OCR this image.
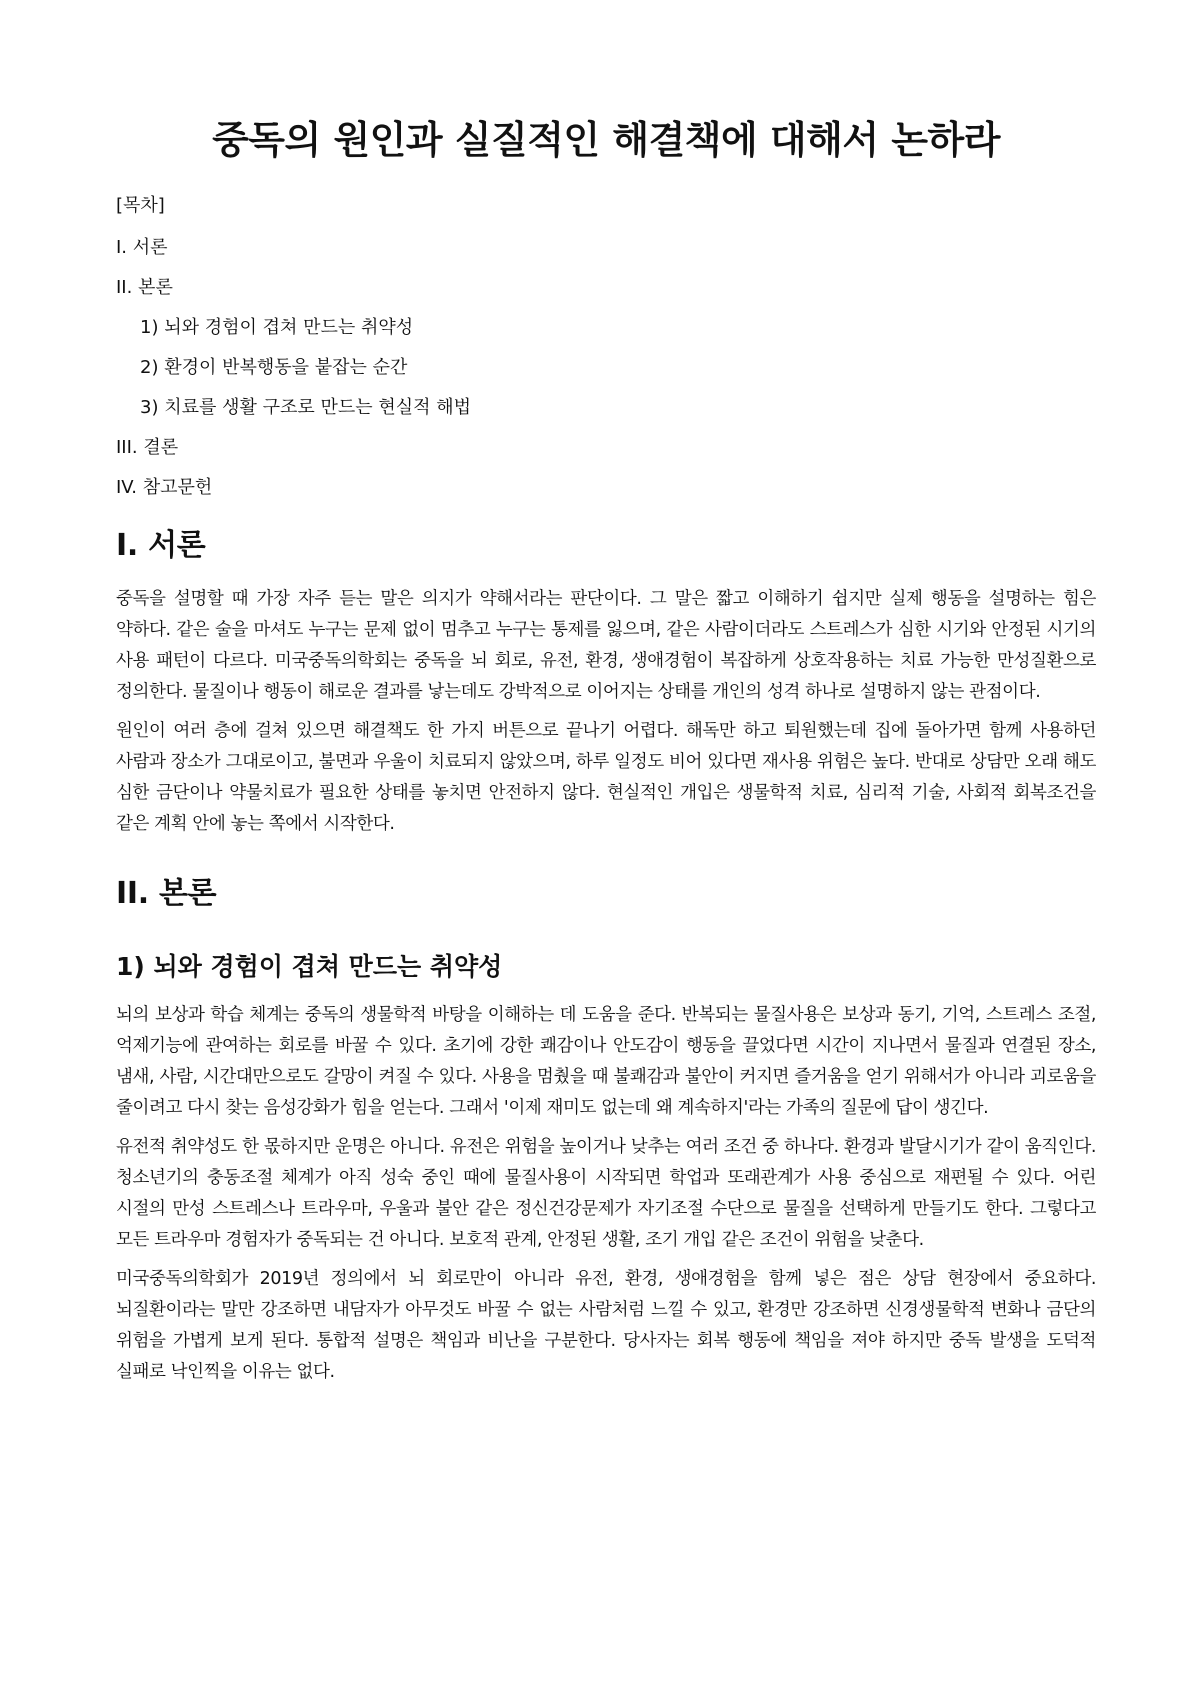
중독의 원인과 실질적인 해결책에 대해서 논하라
[목차]
I. 서론
II. 본론
1) 뇌와 경험이 겹쳐 만드는 취약성
2) 환경이 반복행동을 붙잡는 순간
3) 치료를 생활 구조로 만드는 현실적 해법
III. 결론
IV. 참고문헌
I. 서론

중독을 설명할 때 가장 자주 듣는 말은 의지가 약해서라는 판단이다. 그 말은 짧고 이해하기 쉽지만 실제 행동을 설명하는 힘은 약하다. 같은 술을 마셔도 누구는 문제 없이 멈추고 누구는 통제를 잃으며, 같은 사람이더라도 스트레스가 심한 시기와 안정된 시기의 사용 패턴이 다르다. 미국중독의학회는 중독을 뇌 회로, 유전, 환경, 생애경험이 복잡하게 상호작용하는 치료 가능한 만성질환으로 정의한다. 물질이나 행동이 해로운 결과를 낳는데도 강박적으로 이어지는 상태를 개인의 성격 하나로 설명하지 않는 관점이다.

원인이 여러 층에 걸쳐 있으면 해결책도 한 가지 버튼으로 끝나기 어렵다. 해독만 하고 퇴원했는데 집에 돌아가면 함께 사용하던 사람과 장소가 그대로이고, 불면과 우울이 치료되지 않았으며, 하루 일정도 비어 있다면 재사용 위험은 높다. 반대로 상담만 오래 해도 심한 금단이나 약물치료가 필요한 상태를 놓치면 안전하지 않다. 현실적인 개입은 생물학적 치료, 심리적 기술, 사회적 회복조건을 같은 계획 안에 놓는 쪽에서 시작한다.

II. 본론
1) 뇌와 경험이 겹쳐 만드는 취약성

뇌의 보상과 학습 체계는 중독의 생물학적 바탕을 이해하는 데 도움을 준다. 반복되는 물질사용은 보상과 동기, 기억, 스트레스 조절, 억제기능에 관여하는 회로를 바꿀 수 있다. 초기에 강한 쾌감이나 안도감이 행동을 끌었다면 시간이 지나면서 물질과 연결된 장소, 냄새, 사람, 시간대만으로도 갈망이 켜질 수 있다. 사용을 멈췄을 때 불쾌감과 불안이 커지면 즐거움을 얻기 위해서가 아니라 괴로움을 줄이려고 다시 찾는 음성강화가 힘을 얻는다. 그래서 '이제 재미도 없는데 왜 계속하지'라는 가족의 질문에 답이 생긴다.

유전적 취약성도 한 몫하지만 운명은 아니다. 유전은 위험을 높이거나 낮추는 여러 조건 중 하나다. 환경과 발달시기가 같이 움직인다. 청소년기의 충동조절 체계가 아직 성숙 중인 때에 물질사용이 시작되면 학업과 또래관계가 사용 중심으로 재편될 수 있다. 어린 시절의 만성 스트레스나 트라우마, 우울과 불안 같은 정신건강문제가 자기조절 수단으로 물질을 선택하게 만들기도 한다. 그렇다고 모든 트라우마 경험자가 중독되는 건 아니다. 보호적 관계, 안정된 생활, 조기 개입 같은 조건이 위험을 낮춘다.

미국중독의학회가 2019년 정의에서 뇌 회로만이 아니라 유전, 환경, 생애경험을 함께 넣은 점은 상담 현장에서 중요하다. 뇌질환이라는 말만 강조하면 내담자가 아무것도 바꿀 수 없는 사람처럼 느낄 수 있고, 환경만 강조하면 신경생물학적 변화나 금단의 위험을 가볍게 보게 된다. 통합적 설명은 책임과 비난을 구분한다. 당사자는 회복 행동에 책임을 져야 하지만 중독 발생을 도덕적 실패로 낙인찍을 이유는 없다.
